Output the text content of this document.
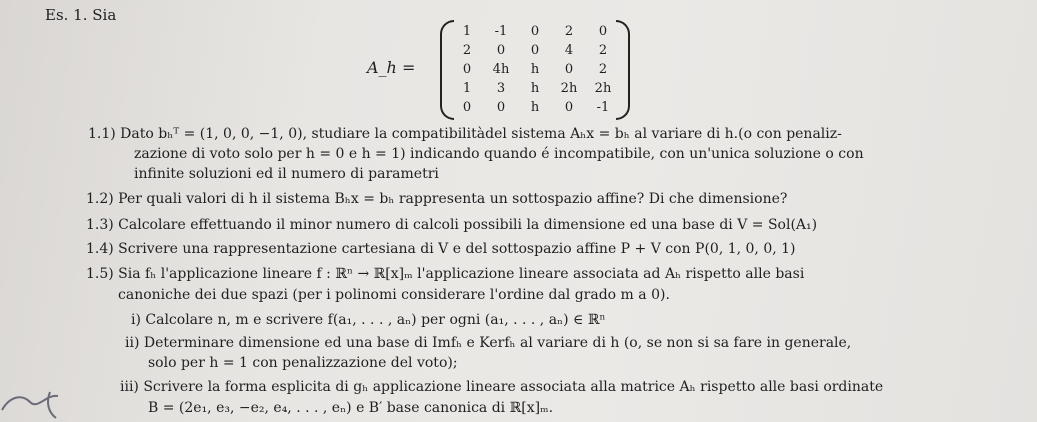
Es. 1. Sia
A_h =
1	-1	0	2	0
2	0	0	4	2
0	4h	h	0	2
1	3	h	2h	2h
0	0	h	0	-1
1.1) Dato bₕᵀ = (1, 0, 0, −1, 0), studiare la compatibilitàdel sistema Aₕx = bₕ al variare di h.(o con penaliz-
zazione di voto solo per h = 0 e h = 1) indicando quando é incompatibile, con un'unica soluzione o con
infinite soluzioni ed il numero di parametri
1.2) Per quali valori di h il sistema Bₕx = bₕ rappresenta un sottospazio affine? Di che dimensione?
1.3) Calcolare effettuando il minor numero di calcoli possibili la dimensione ed una base di V = Sol(A₁)
1.4) Scrivere una rappresentazione cartesiana di V e del sottospazio affine P + V con P(0, 1, 0, 0, 1)
1.5) Sia fₕ l'applicazione lineare f : ℝⁿ → ℝ[x]ₘ l'applicazione lineare associata ad Aₕ rispetto alle basi
canoniche dei due spazi (per i polinomi considerare l'ordine dal grado m a 0).
i) Calcolare n, m e scrivere f(a₁, . . . , aₙ) per ogni (a₁, . . . , aₙ) ∈ ℝⁿ
ii) Determinare dimensione ed una base di Imfₕ e Kerfₕ al variare di h (o, se non si sa fare in generale,
solo per h = 1 con penalizzazione del voto);
iii) Scrivere la forma esplicita di gₕ applicazione lineare associata alla matrice Aₕ rispetto alle basi ordinate
B = (2e₁, e₃, −e₂, e₄, . . . , eₙ) e B′ base canonica di ℝ[x]ₘ.
